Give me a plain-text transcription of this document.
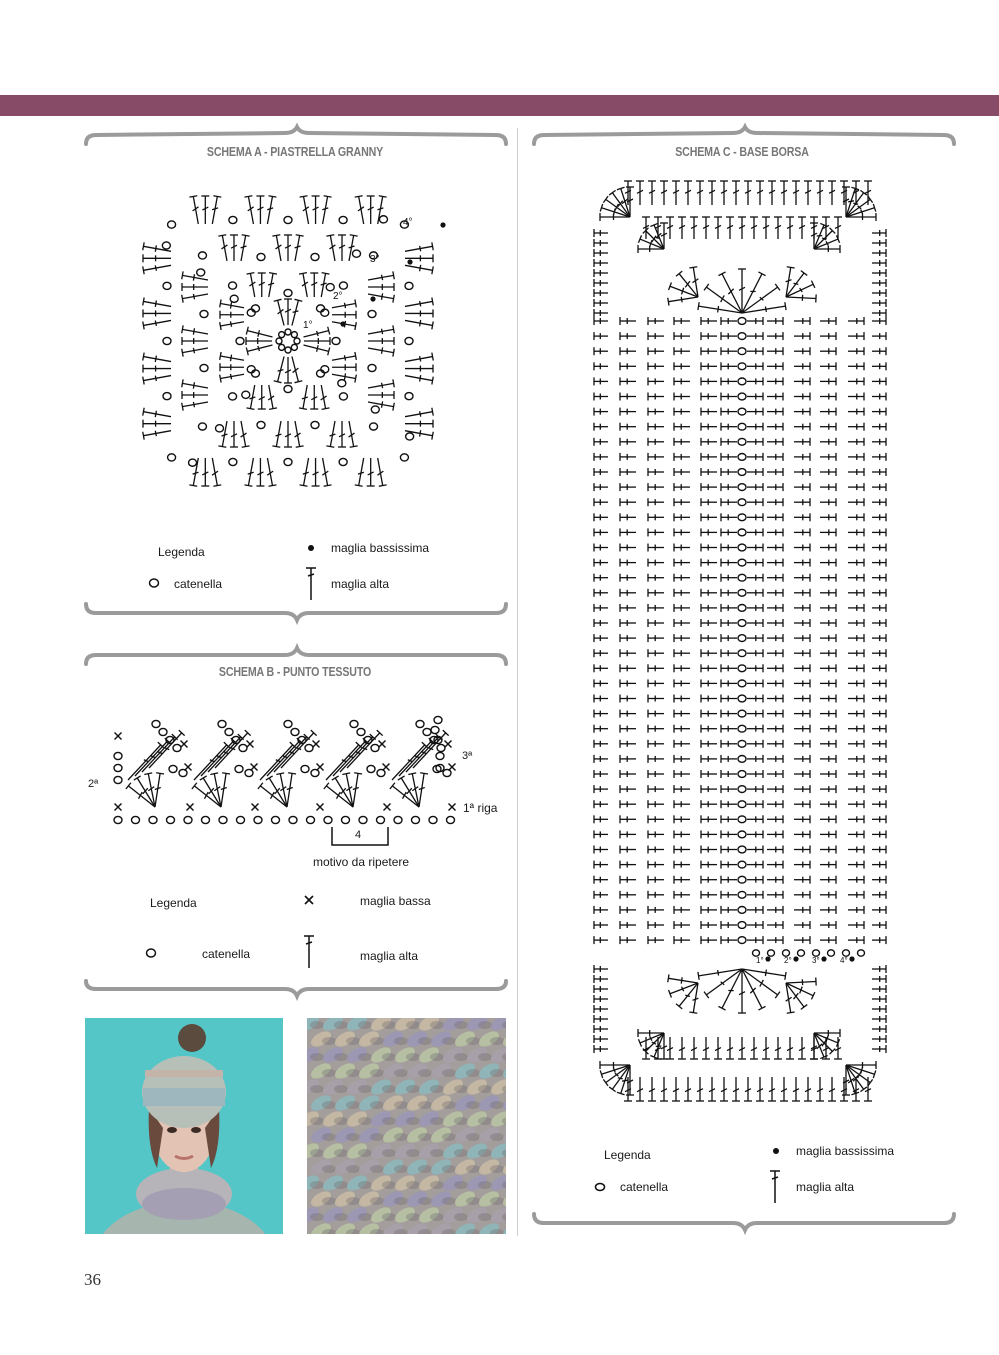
SCHEMA A - PIASTRELLA GRANNY
1°
2°
3°
4°
Legenda
catenella
maglia bassissima
maglia alta
SCHEMA B - PUNTO TESSUTO
2ª
3ª
1ª riga
4
motivo da ripetere
Legenda	maglia bassa
catenella	maglia alta
SCHEMA C - BASE BORSA
1°	2°	3°	4°
Legenda
catenella
maglia bassissima
maglia alta
36
